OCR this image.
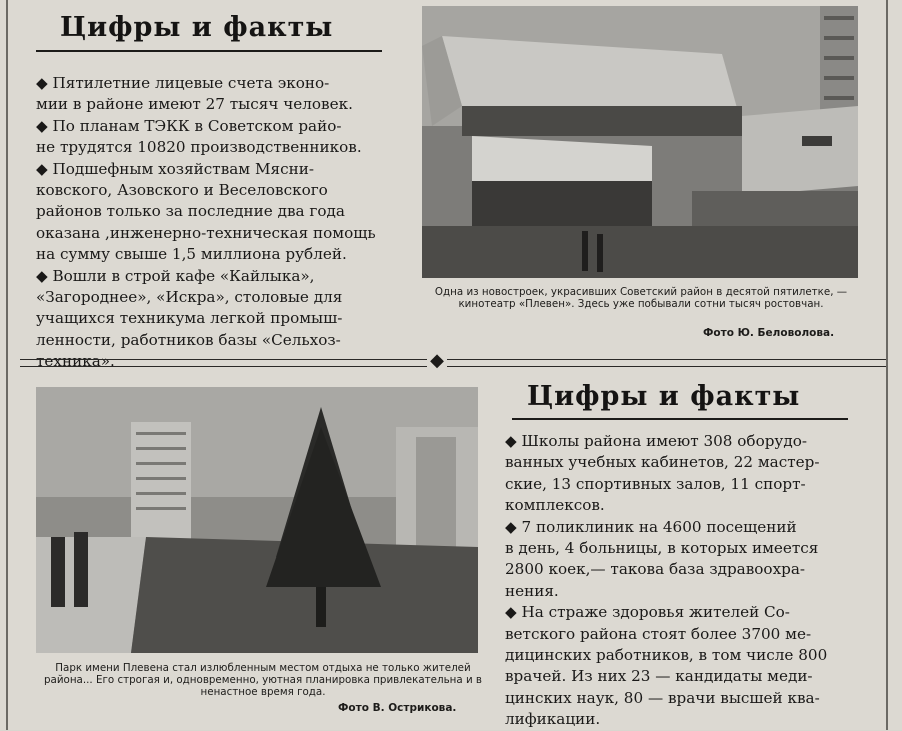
Цифры и факты
◆ Пятилетние лицевые счета эконо-
мии в районе имеют 27 тысяч человек.
◆ По планам ТЭКК в Советском райо-
не трудятся 10820 производственников.
◆ Подшефным хозяйствам Мясни-
ковского, Азовского и Веселовского
районов только за последние два года
оказана ,инженерно-техническая помощь
на сумму свыше 1,5 миллиона рублей.
◆ Вошли в строй кафе «Кайлыка»,
«Загороднее», «Искра», столовые для
учащихся техникума легкой промыш-
ленности, работников базы «Сельхоз-
техника».
Одна из новостроек, украсивших Советский район в десятой пятилетке, — кинотеатр «Плевен». Здесь уже побывали сотни тысяч ростовчан.
Фото Ю. Беловолова.
◆
Парк имени Плевена стал излюбленным местом отдыха не только жителей района... Его строгая и, одновременно, уютная планировка привлекательна и в ненастное время года.
Фото В. Острикова.
Цифры и факты
◆ Школы района имеют 308 оборудо-
ванных учебных кабинетов, 22 мастер-
ские, 13 спортивных залов, 11 спорт-
комплексов.
◆ 7 поликлиник на 4600 посещений
в день, 4 больницы, в которых имеется
2800 коек,— такова база здравоохра-
нения.
◆ На страже здоровья жителей Со-
ветского района стоят более 3700 ме-
дицинских работников, в том числе 800
врачей. Из них 23 — кандидаты меди-
цинских наук, 80 — врачи высшей ква-
лификации.
